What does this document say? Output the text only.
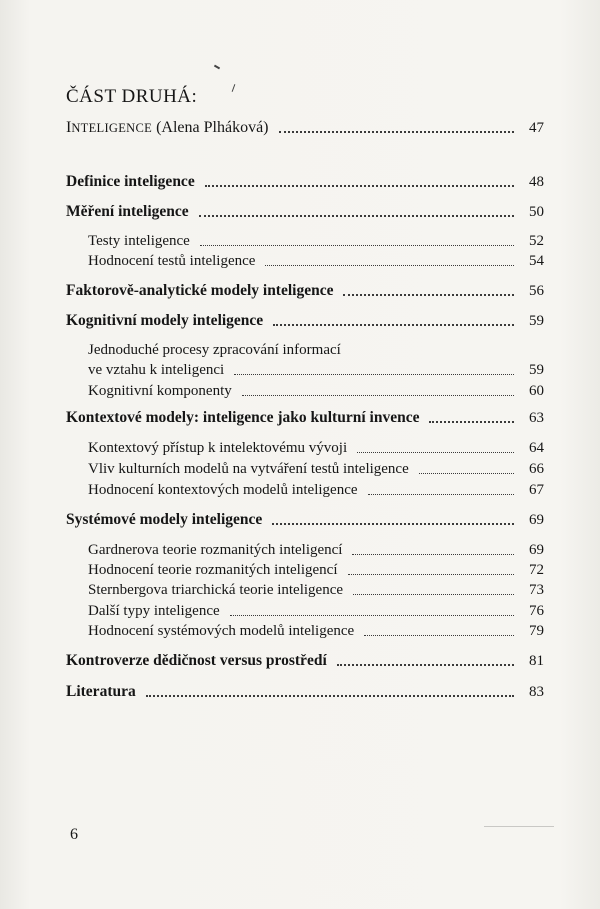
ČÁST DRUHÁ:
INTELIGENCE (Alena Plháková)	47
Definice inteligence	48
Měření inteligence	50
Testy inteligence	52
Hodnocení testů inteligence	54
Faktorově-analytické modely inteligence	56
Kognitivní modely inteligence	59
Jednoduché procesy zpracování informací
ve vztahu k inteligenci	59
Kognitivní komponenty	60
Kontextové modely: inteligence jako kulturní invence	63
Kontextový přístup k intelektovému vývoji	64
Vliv kulturních modelů na vytváření testů inteligence	66
Hodnocení kontextových modelů inteligence	67
Systémové modely inteligence	69
Gardnerova teorie rozmanitých inteligencí	69
Hodnocení teorie rozmanitých inteligencí	72
Sternbergova triarchická teorie inteligence	73
Další typy inteligence	76
Hodnocení systémových modelů inteligence	79
Kontroverze dědičnost versus prostředí	81
Literatura	83
6
